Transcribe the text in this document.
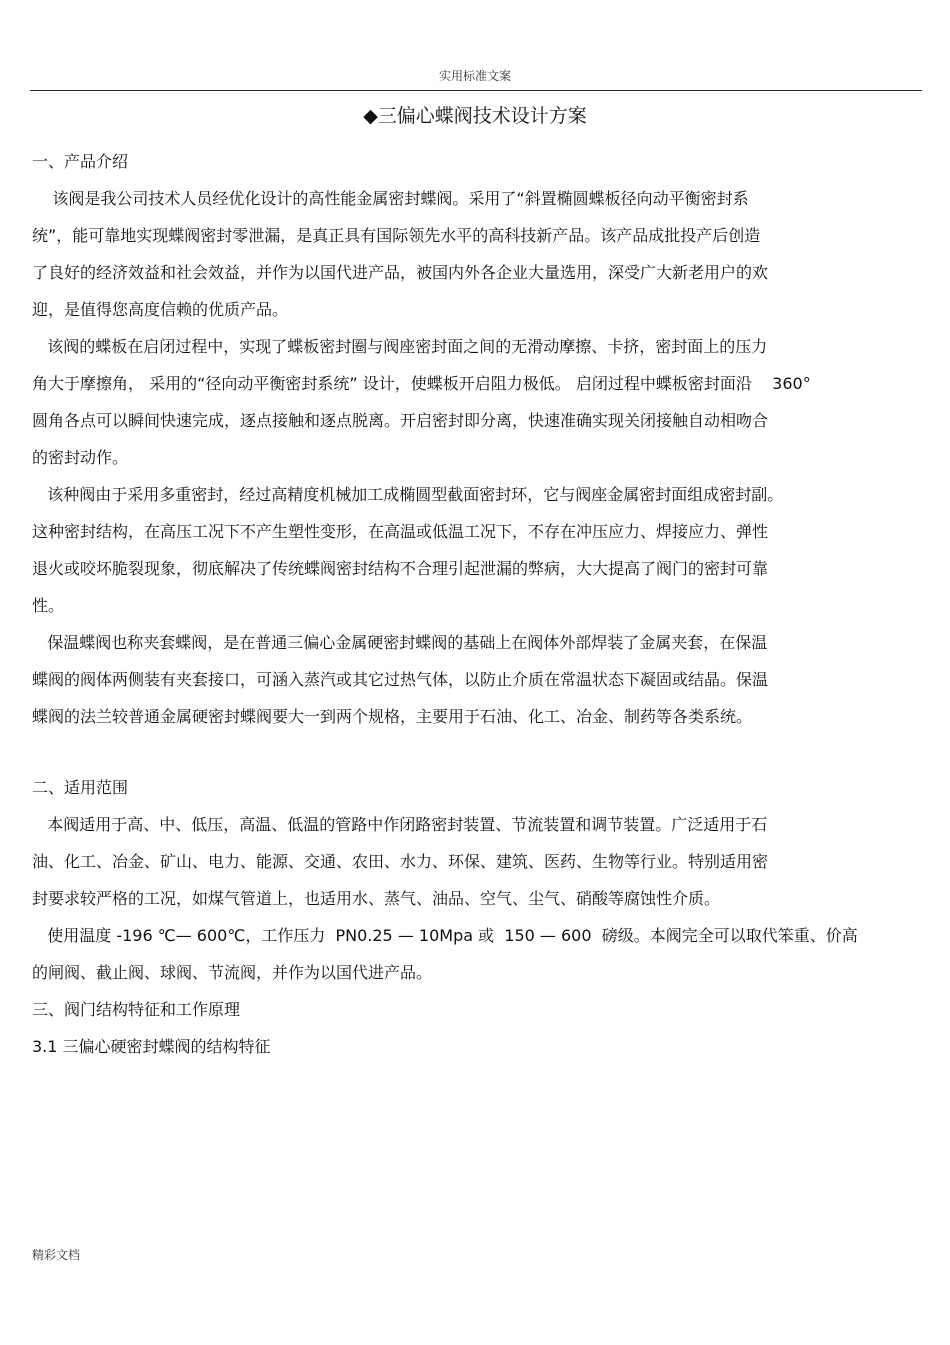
实用标准文案
◆三偏心蝶阀技术设计方案

一、产品介绍

该阀是我公司技术人员经优化设计的高性能金属密封蝶阀。采用了“斜置椭圆蝶板径向动平衡密封系

统”，能可靠地实现蝶阀密封零泄漏，是真正具有国际领先水平的高科技新产品。该产品成批投产后创造

了良好的经济效益和社会效益，并作为以国代进产品，被国内外各企业大量选用，深受广大新老用户的欢

迎，是值得您高度信赖的优质产品。

该阀的蝶板在启闭过程中，实现了蝶板密封圈与阀座密封面之间的无滑动摩擦、卡挤，密封面上的压力

角大于摩擦角， 采用的“径向动平衡密封系统” 设计，使蝶板开启阻力极低。 启闭过程中蝶板密封面沿    360°

圆角各点可以瞬间快速完成，逐点接触和逐点脱离。开启密封即分离，快速准确实现关闭接触自动相吻合

的密封动作。

该种阀由于采用多重密封，经过高精度机械加工成椭圆型截面密封环，它与阀座金属密封面组成密封副。

这种密封结构，在高压工况下不产生塑性变形，在高温或低温工况下，不存在冲压应力、焊接应力、弹性

退火或咬坏脆裂现象，彻底解决了传统蝶阀密封结构不合理引起泄漏的弊病，大大提高了阀门的密封可靠

性。

保温蝶阀也称夹套蝶阀，是在普通三偏心金属硬密封蝶阀的基础上在阀体外部焊装了金属夹套，在保温

蝶阀的阀体两侧装有夹套接口，可涵入蒸汽或其它过热气体，以防止介质在常温状态下凝固或结晶。保温

蝶阀的法兰较普通金属硬密封蝶阀要大一到两个规格，主要用于石油、化工、冶金、制药等各类系统。

二、适用范围

本阀适用于高、中、低压，高温、低温的管路中作闭路密封装置、节流装置和调节装置。广泛适用于石

油、化工、冶金、矿山、电力、能源、交通、农田、水力、环保、建筑、医药、生物等行业。特别适用密

封要求较严格的工况，如煤气管道上，也适用水、蒸气、油品、空气、尘气、硝酸等腐蚀性介质。

使用温度 -196 ℃— 600℃，工作压力  PN0.25 — 10Mpa 或  150 — 600  磅级。本阀完全可以取代笨重、价高

的闸阀、截止阀、球阀、节流阀，并作为以国代进产品。

三、阀门结构特征和工作原理

3.1 三偏心硬密封蝶阀的结构特征

精彩文档
